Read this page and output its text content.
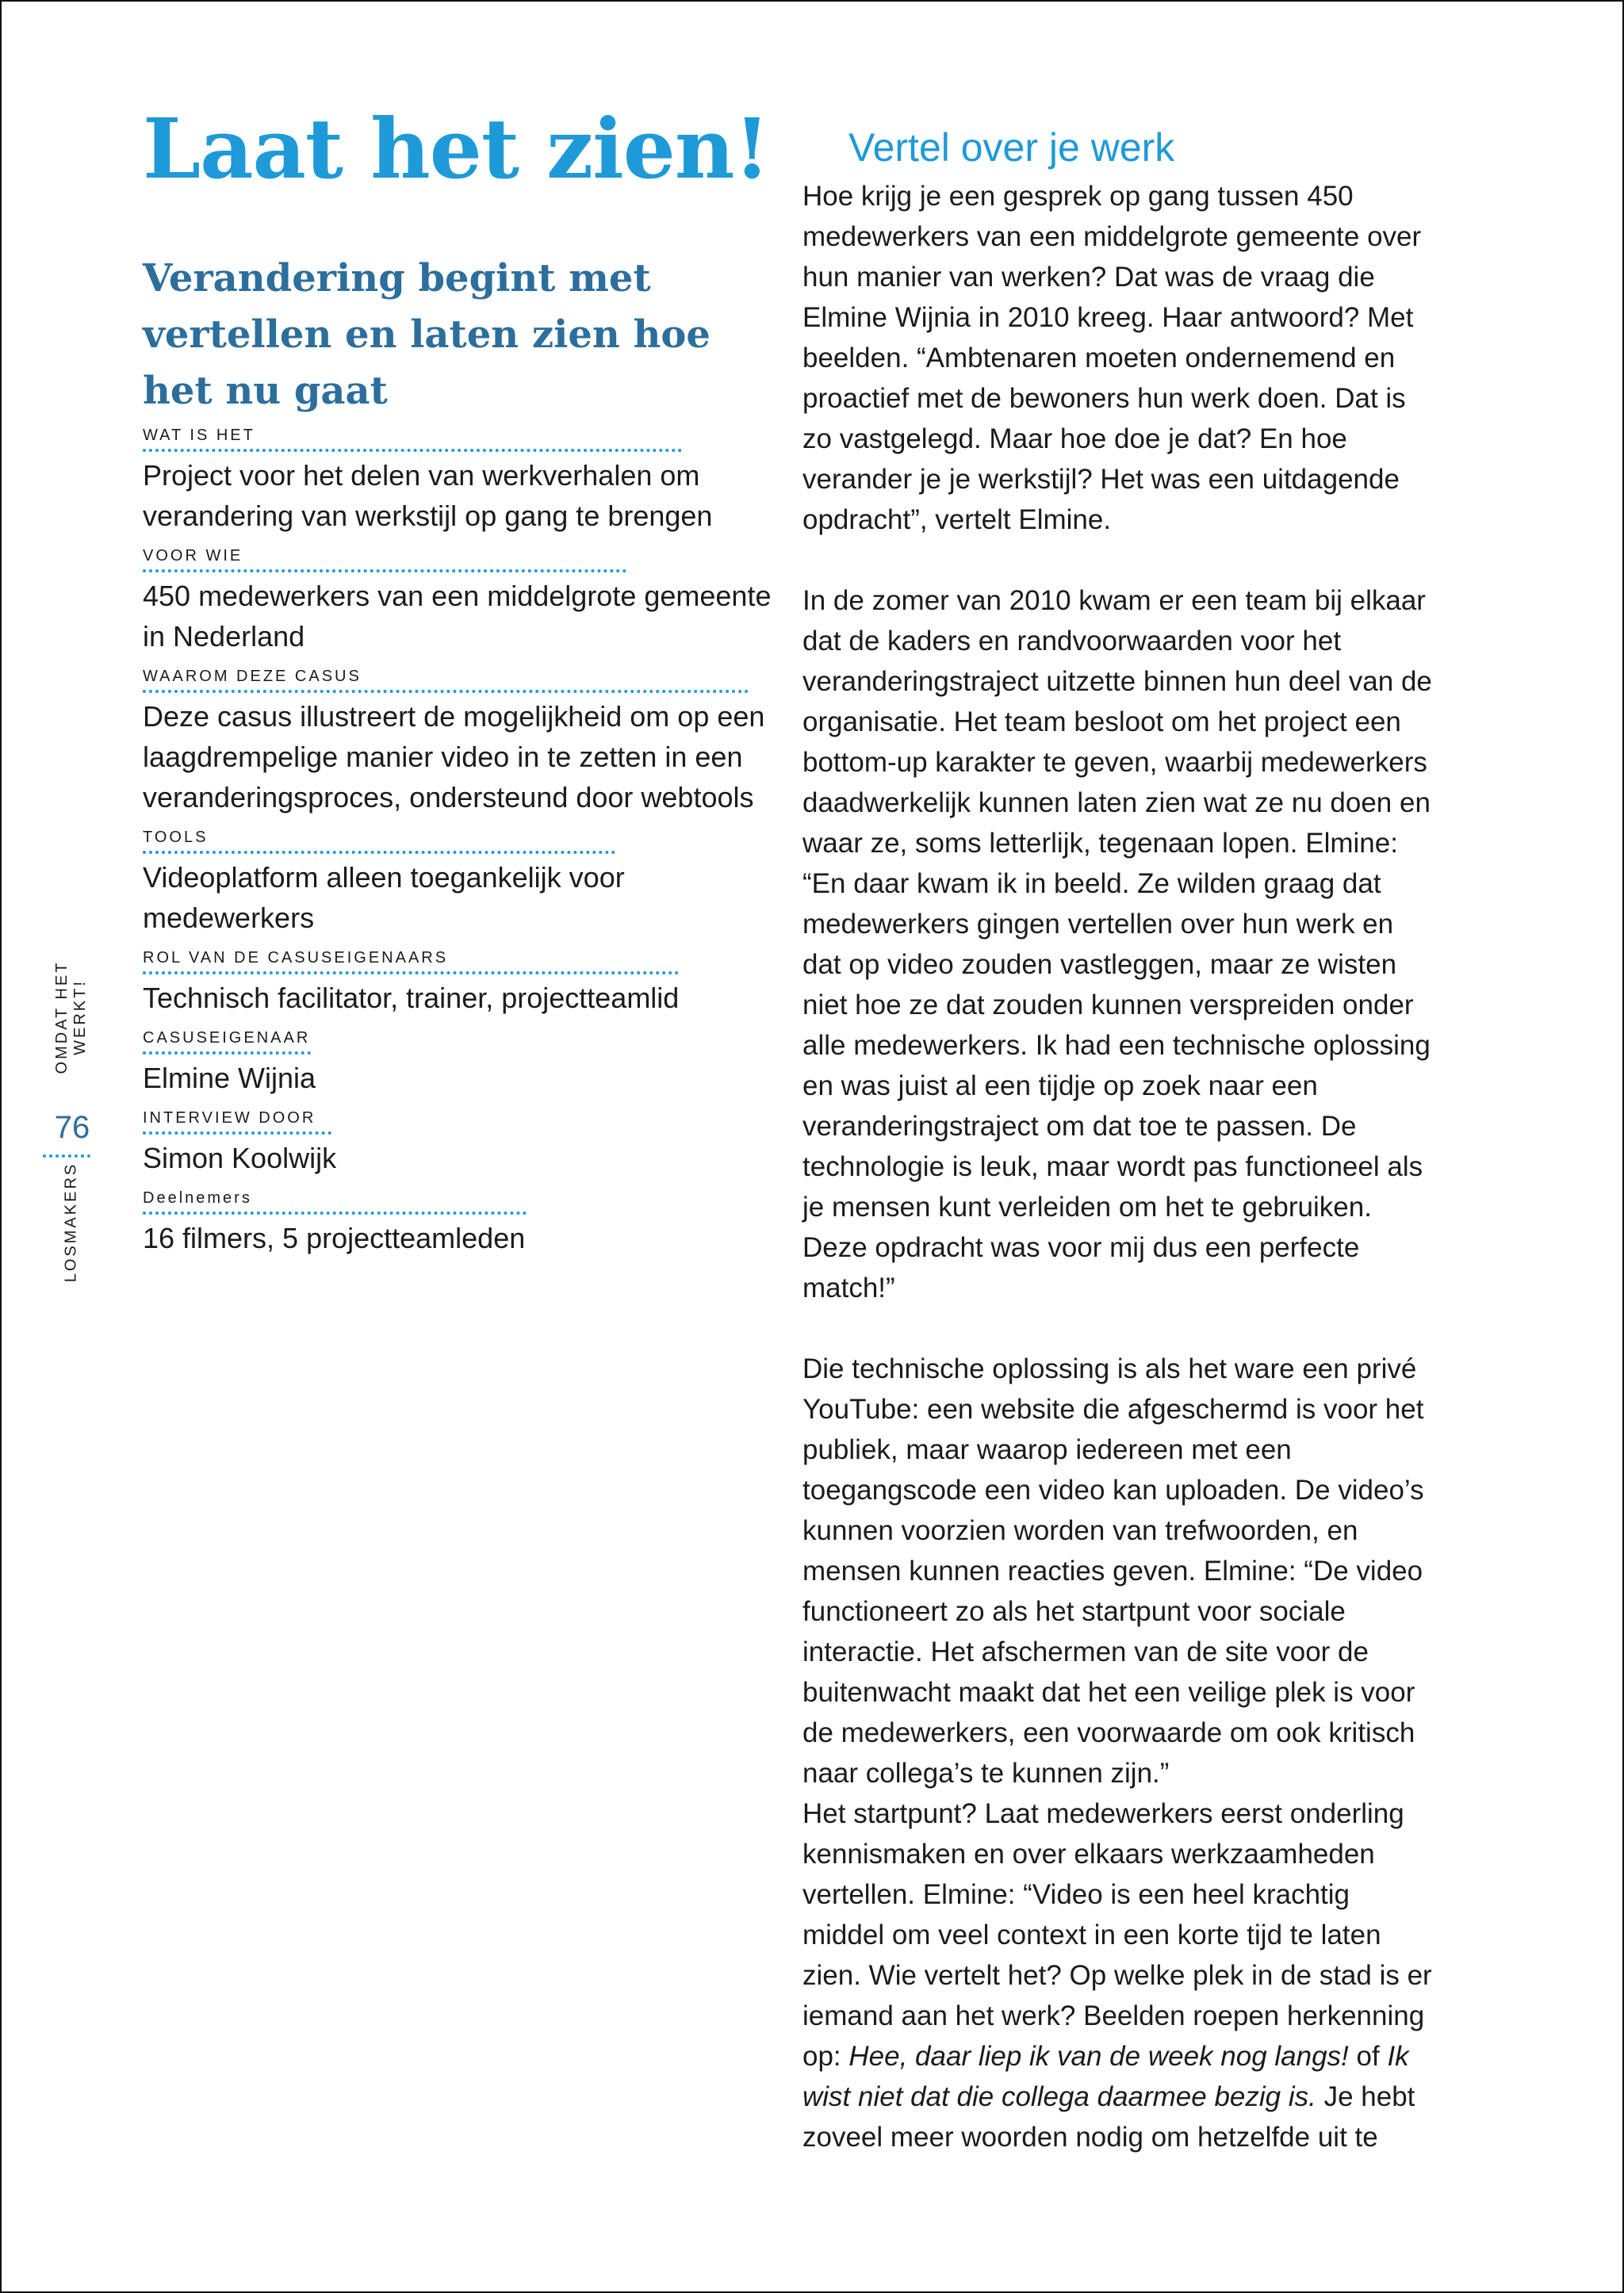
Laat het zien!
Verandering begint met vertellen en laten zien hoe het nu gaat
WAT IS HET
Project voor het delen van werkverhalen om verandering van werkstijl op gang te brengen
VOOR WIE
450 medewerkers van een middelgrote gemeente in Nederland
WAAROM DEZE CASUS
Deze casus illustreert de mogelijkheid om op een laagdrempelige manier video in te zetten in een veranderingsproces, ondersteund door webtools
TOOLS
Videoplatform alleen toegankelijk voor medewerkers
ROL VAN DE CASUSEIGENAARS
Technisch facilitator, trainer, projectteamlid
CASUSEIGENAAR
Elmine Wijnia
INTERVIEW DOOR
Simon Koolwijk
Deelnemers
16 filmers, 5 projectteamleden
OMDAT HET WERKT!
76
LOSMAKERS
Vertel over je werk
Hoe krijg je een gesprek op gang tussen 450 medewerkers van een middelgrote gemeente over hun manier van werken? Dat was de vraag die Elmine Wijnia in 2010 kreeg. Haar antwoord? Met beelden. “Ambtenaren moeten ondernemend en proactief met de bewoners hun werk doen. Dat is zo vastgelegd. Maar hoe doe je dat? En hoe verander je je werkstijl? Het was een uitdagende opdracht”, vertelt Elmine.
In de zomer van 2010 kwam er een team bij elkaar dat de kaders en randvoorwaarden voor het veranderingstraject uitzette binnen hun deel van de organisatie. Het team besloot om het project een bottom-up karakter te geven, waarbij medewerkers daadwerkelijk kunnen laten zien wat ze nu doen en waar ze, soms letterlijk, tegenaan lopen. Elmine: “En daar kwam ik in beeld. Ze wilden graag dat medewerkers gingen vertellen over hun werk en dat op video zouden vastleggen, maar ze wisten niet hoe ze dat zouden kunnen verspreiden onder alle medewerkers. Ik had een technische oplossing en was juist al een tijdje op zoek naar een veranderingstraject om dat toe te passen. De technologie is leuk, maar wordt pas functioneel als je mensen kunt verleiden om het te gebruiken. Deze opdracht was voor mij dus een perfecte match!”
Die technische oplossing is als het ware een privé YouTube: een website die afgeschermd is voor het publiek, maar waarop iedereen met een toegangscode een video kan uploaden. De video’s kunnen voorzien worden van trefwoorden, en mensen kunnen reacties geven. Elmine: “De video functioneert zo als het startpunt voor sociale interactie. Het afschermen van de site voor de buitenwacht maakt dat het een veilige plek is voor de medewerkers, een voorwaarde om ook kritisch naar collega’s te kunnen zijn.”
Het startpunt? Laat medewerkers eerst onderling kennismaken en over elkaars werkzaamheden vertellen. Elmine: “Video is een heel krachtig middel om veel context in een korte tijd te laten zien. Wie vertelt het? Op welke plek in de stad is er iemand aan het werk? Beelden roepen herkenning op: Hee, daar liep ik van de week nog langs! of Ik wist niet dat die collega daarmee bezig is. Je hebt zoveel meer woorden nodig om hetzelfde uit te
